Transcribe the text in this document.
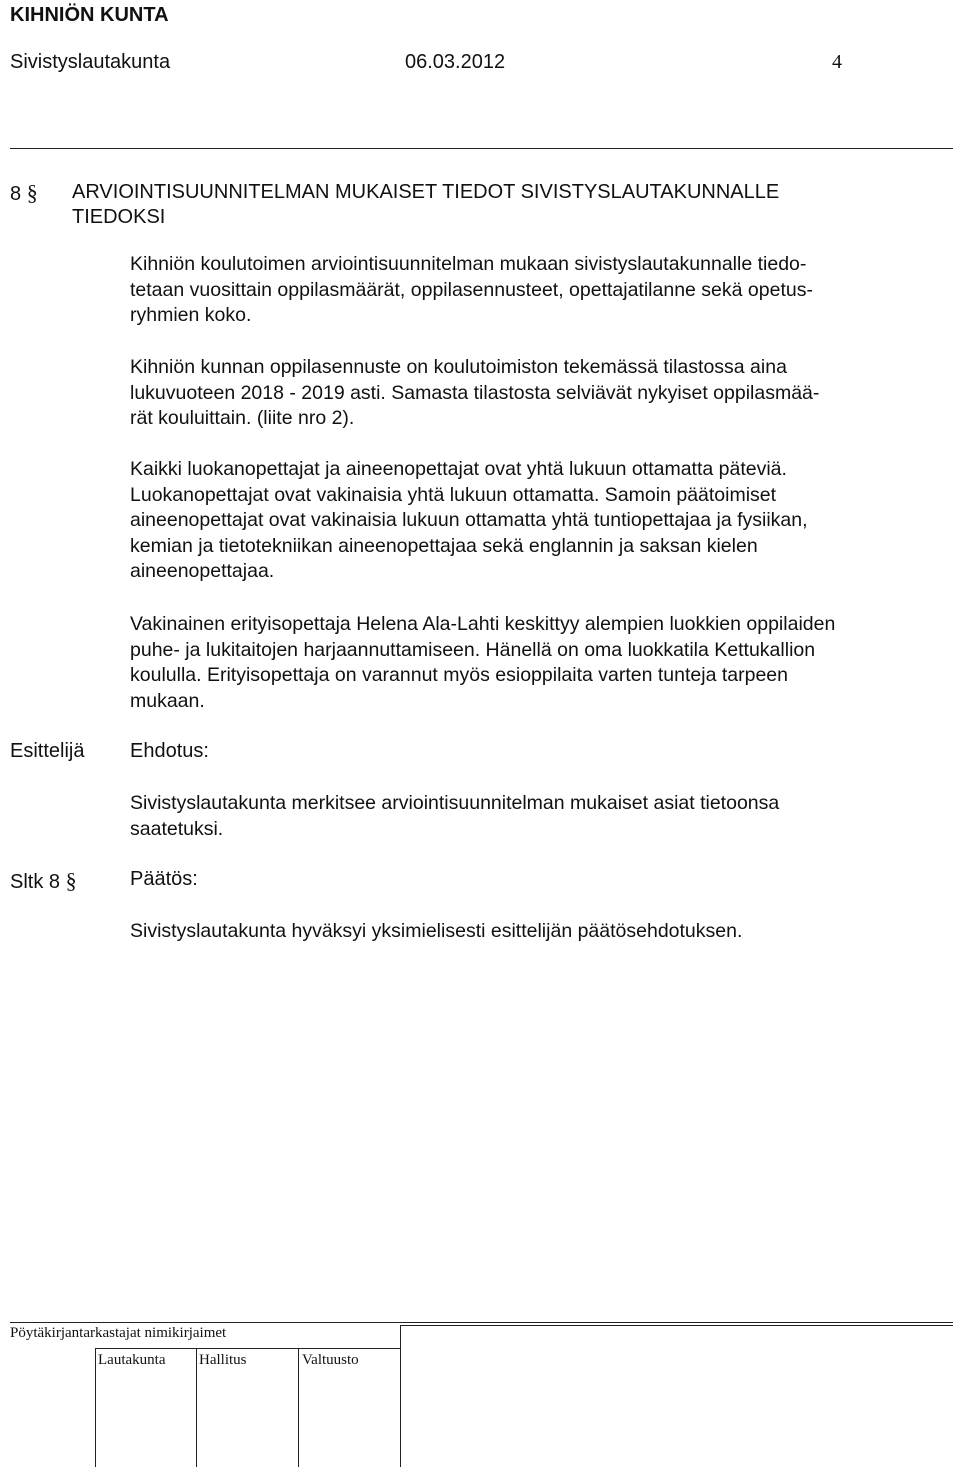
KIHNIÖN KUNTA
Sivistyslautakunta	06.03.2012	4
8 § ARVIOINTISUUNNITELMAN MUKAISET TIEDOT SIVISTYSLAUTAKUNNALLE
TIEDOKSI
Kihniön koulutoimen arviointisuunnitelman mukaan sivistyslautakunnalle tiedo-
tetaan vuosittain oppilasmäärät, oppilasennusteet, opettajatilanne sekä opetus-
ryhmien koko.
Kihniön kunnan oppilasennuste on koulutoimiston tekemässä tilastossa aina
lukuvuoteen 2018 - 2019 asti. Samasta tilastosta selviävät nykyiset oppilasmää-
rät kouluittain. (liite nro 2).
Kaikki luokanopettajat ja aineenopettajat ovat yhtä lukuun ottamatta päteviä.
Luokanopettajat ovat vakinaisia yhtä lukuun ottamatta. Samoin päätoimiset
aineenopettajat ovat vakinaisia lukuun ottamatta yhtä tuntiopettajaa ja fysiikan,
kemian ja tietotekniikan aineenopettajaa sekä englannin ja saksan kielen
aineenopettajaa.
Vakinainen erityisopettaja Helena Ala-Lahti keskittyy alempien luokkien oppilaiden
puhe- ja lukitaitojen harjaannuttamiseen. Hänellä on oma luokkatila Kettukallion
koululla. Erityisopettaja on varannut myös esioppilaita varten tunteja tarpeen
mukaan.
Esittelijä Ehdotus:
Sivistyslautakunta merkitsee arviointisuunnitelman mukaiset asiat tietoonsa
saatetuksi.
Sltk 8 §	Päätös:
Sivistyslautakunta hyväksyi yksimielisesti esittelijän päätösehdotuksen.
Pöytäkirjantarkastajat nimikirjaimet
Lautakunta Hallitus	Valtuusto
